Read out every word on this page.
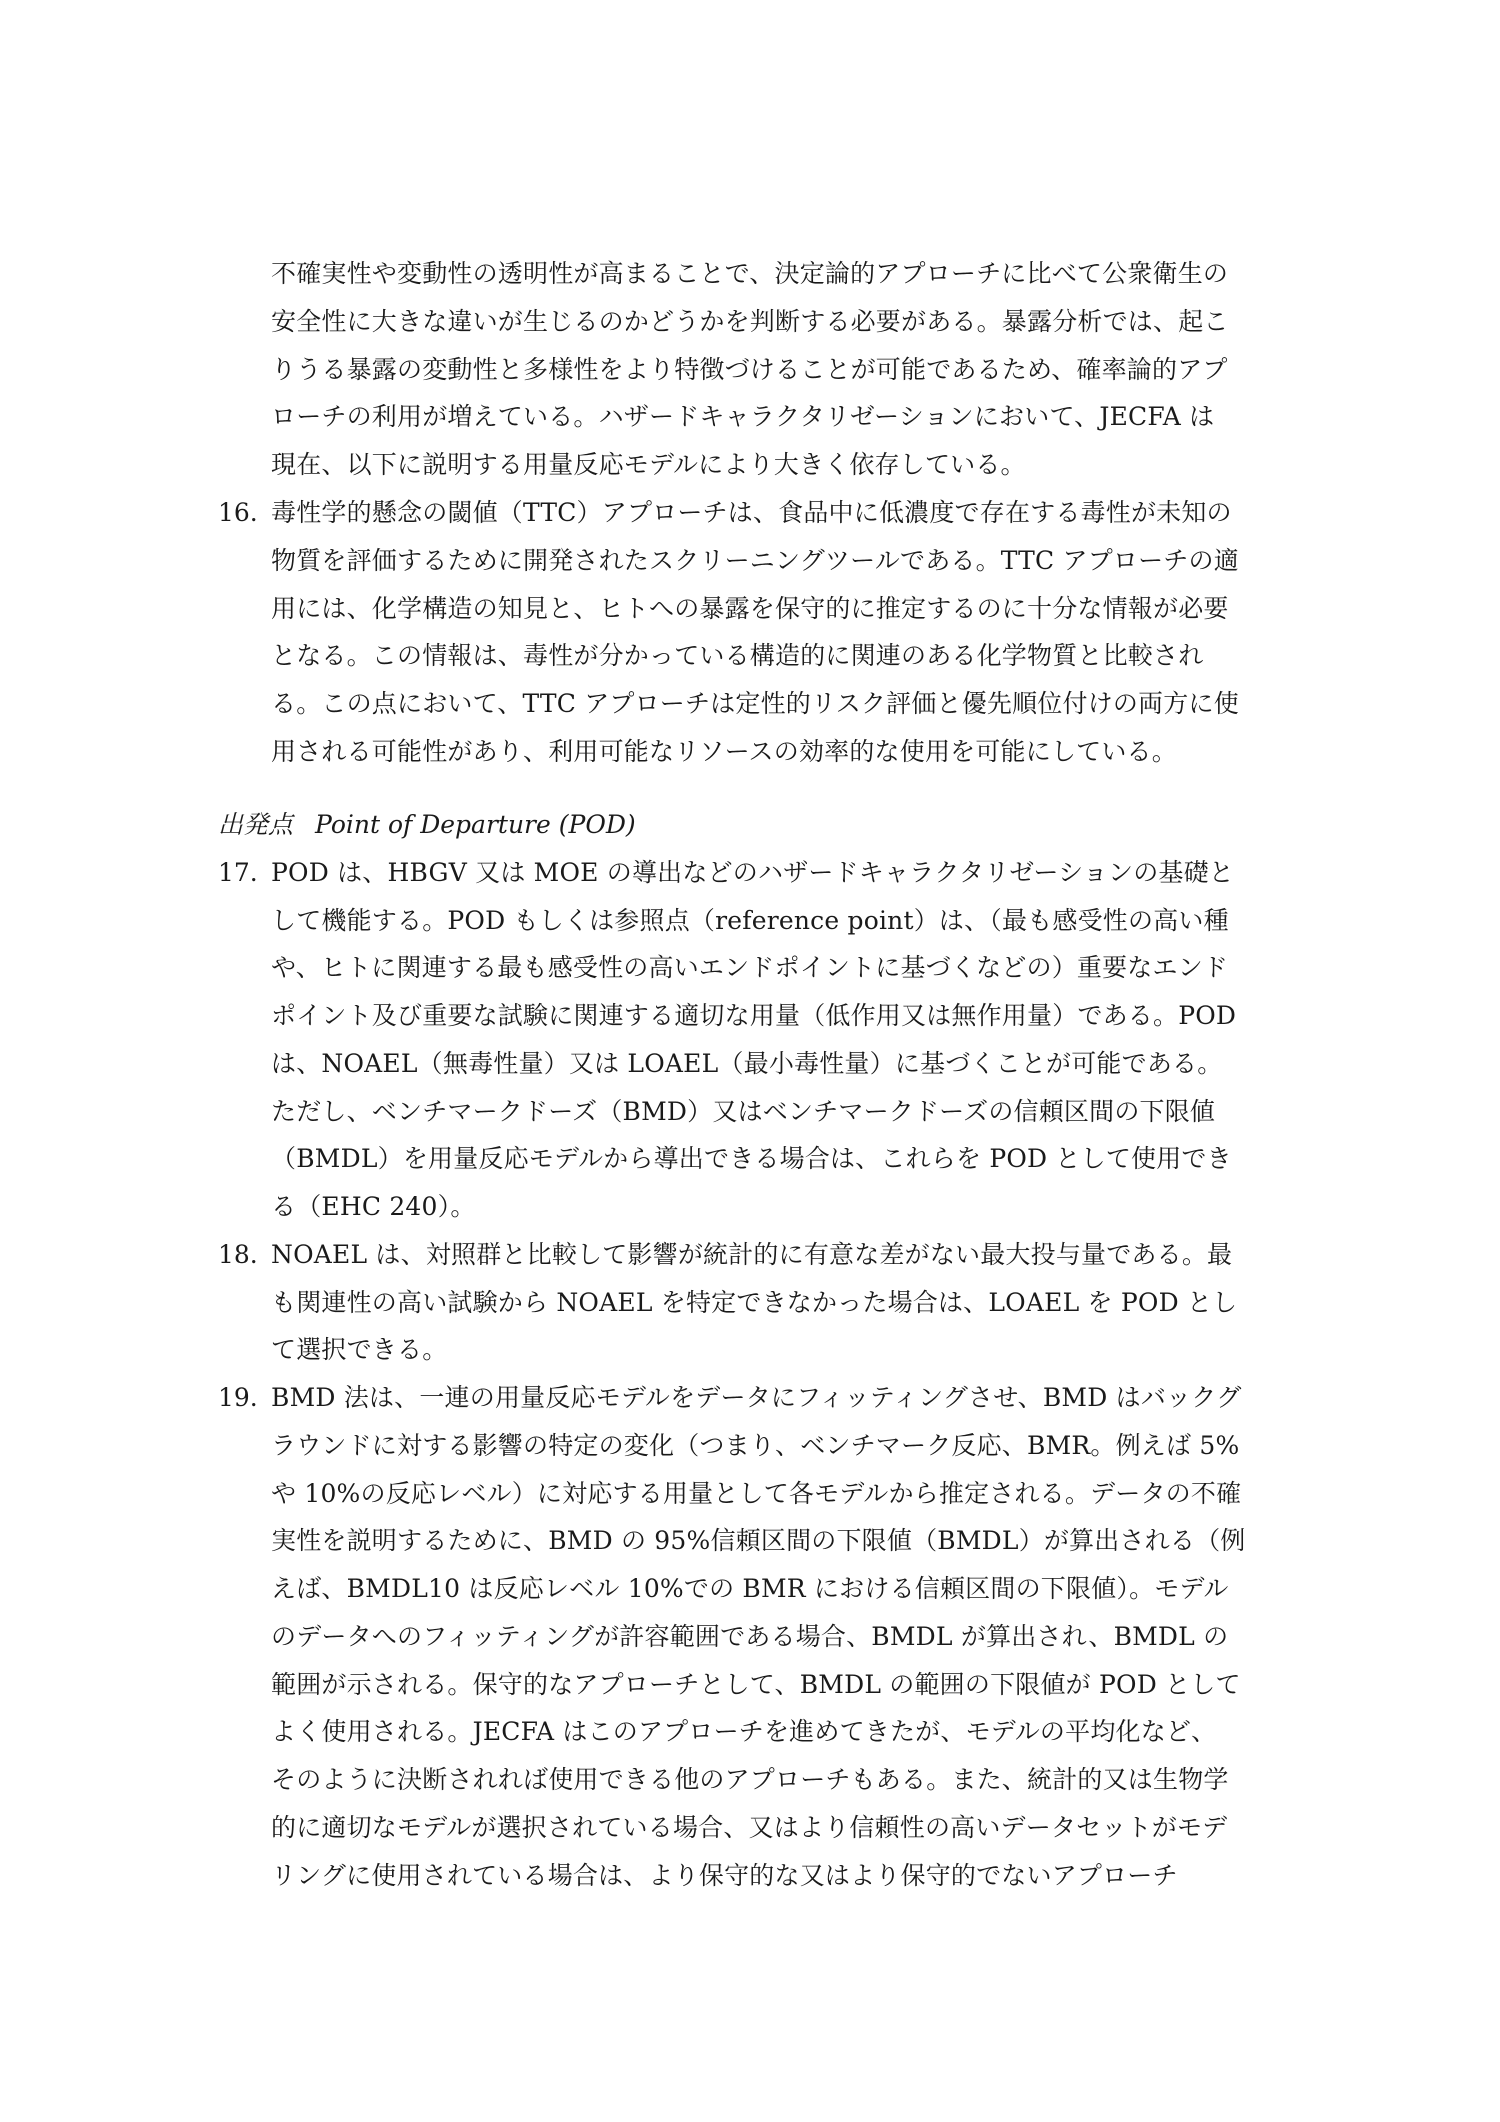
不確実性や変動性の透明性が高まることで、決定論的アプローチに比べて公衆衛生の
安全性に大きな違いが生じるのかどうかを判断する必要がある。暴露分析では、起こ
りうる暴露の変動性と多様性をより特徴づけることが可能であるため、確率論的アプ
ローチの利用が増えている。ハザードキャラクタリゼーションにおいて、JECFA は
現在、以下に説明する用量反応モデルにより大きく依存している。
16. 毒性学的懸念の閾値（TTC）アプローチは、食品中に低濃度で存在する毒性が未知の
物質を評価するために開発されたスクリーニングツールである。TTC アプローチの適
用には、化学構造の知見と、ヒトへの暴露を保守的に推定するのに十分な情報が必要
となる。この情報は、毒性が分かっている構造的に関連のある化学物質と比較され
る。この点において、TTC アプローチは定性的リスク評価と優先順位付けの両方に使
用される可能性があり、利用可能なリソースの効率的な使用を可能にしている。
出発点 Point of Departure (POD)
17. POD は、HBGV 又は MOE の導出などのハザードキャラクタリゼーションの基礎と
して機能する。POD もしくは参照点（reference point）は、（最も感受性の高い種
や、ヒトに関連する最も感受性の高いエンドポイントに基づくなどの）重要なエンド
ポイント及び重要な試験に関連する適切な用量（低作用又は無作用量）である。POD
は、NOAEL（無毒性量）又は LOAEL（最小毒性量）に基づくことが可能である。
ただし、ベンチマークドーズ（BMD）又はベンチマークドーズの信頼区間の下限値
（BMDL）を用量反応モデルから導出できる場合は、これらを POD として使用でき
る（EHC 240）。
18. NOAEL は、対照群と比較して影響が統計的に有意な差がない最大投与量である。最
も関連性の高い試験から NOAEL を特定できなかった場合は、LOAEL を POD とし
て選択できる。
19. BMD 法は、一連の用量反応モデルをデータにフィッティングさせ、BMD はバックグ
ラウンドに対する影響の特定の変化（つまり、ベンチマーク反応、BMR。例えば 5%
や 10%の反応レベル）に対応する用量として各モデルから推定される。データの不確
実性を説明するために、BMD の 95%信頼区間の下限値（BMDL）が算出される（例
えば、BMDL10 は反応レベル 10%での BMR における信頼区間の下限値）。モデル
のデータへのフィッティングが許容範囲である場合、BMDL が算出され、BMDL の
範囲が示される。保守的なアプローチとして、BMDL の範囲の下限値が POD として
よく使用される。JECFA はこのアプローチを進めてきたが、モデルの平均化など、
そのように決断されれば使用できる他のアプローチもある。また、統計的又は生物学
的に適切なモデルが選択されている場合、又はより信頼性の高いデータセットがモデ
リングに使用されている場合は、より保守的な又はより保守的でないアプローチ
